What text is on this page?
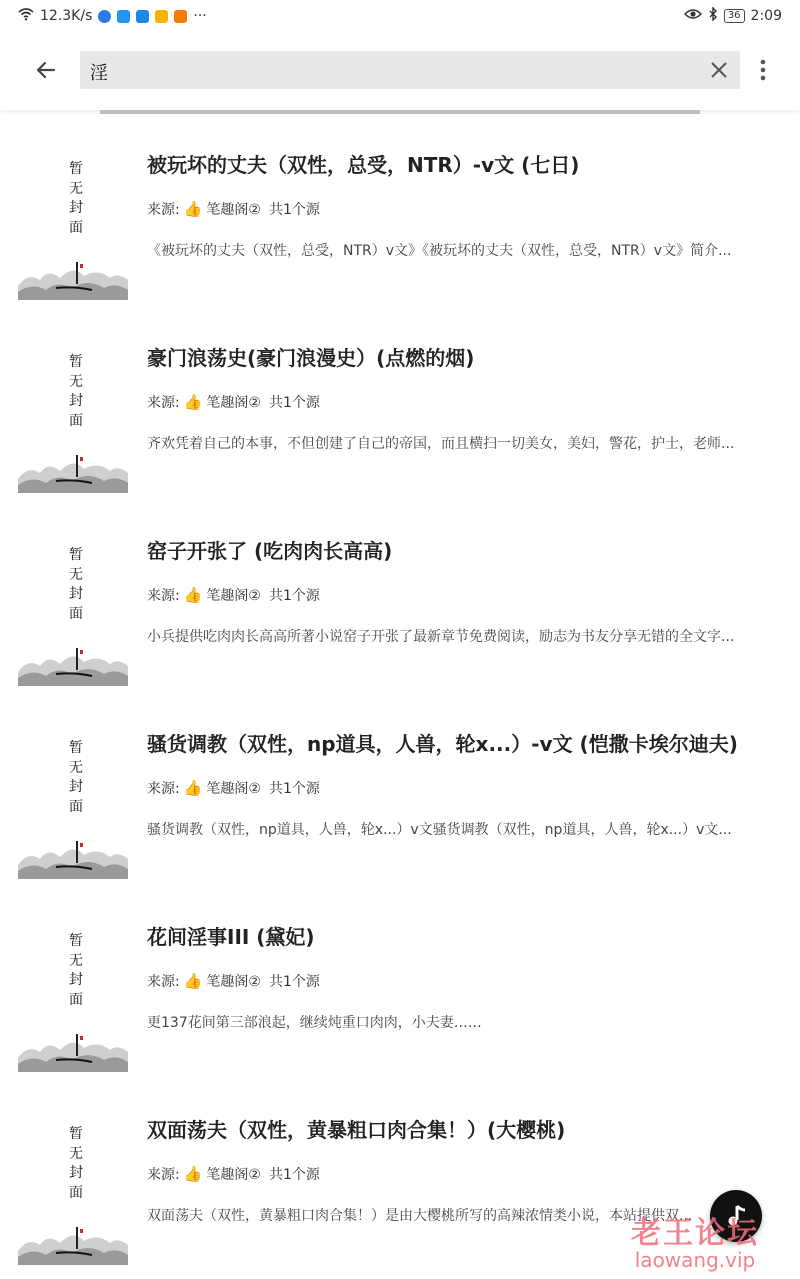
12.3K/s	···	36 2:09
淫
暂
无
封
面
被玩坏的丈夫（双性，总受，NTR）-v文 (七日)
来源: 👍 笔趣阁② 共1个源
《被玩坏的丈夫（双性，总受，NTR）v文》《被玩坏的丈夫（双性，总受，NTR）v文》简介...
暂
无
封
面
豪门浪荡史(豪门浪漫史）(点燃的烟)
来源: 👍 笔趣阁② 共1个源
齐欢凭着自己的本事，不但创建了自己的帝国，而且横扫一切美女，美妇，警花，护士，老师...
暂
无
封
面
窑子开张了 (吃肉肉长高高)
来源: 👍 笔趣阁② 共1个源
小兵提供吃肉肉长高高所著小说窑子开张了最新章节免费阅读，励志为书友分享无错的全文字...
暂
无
封
面
骚货调教（双性，np道具，人兽，轮x...）-v文 (恺撒卡埃尔迪夫)
来源: 👍 笔趣阁② 共1个源
骚货调教（双性，np道具，人兽，轮x...）v文骚货调教（双性，np道具，人兽，轮x...）v文...
暂
无
封
面
花间淫事III (黛妃)
来源: 👍 笔趣阁② 共1个源
更137花间第三部浪起，继续炖重口肉肉，小夫妻……
暂
无
封
面
双面荡夫（双性，黄暴粗口肉合集！）(大樱桃)
来源: 👍 笔趣阁② 共1个源
双面荡夫（双性，黄暴粗口肉合集！）是由大樱桃所写的高辣浓情类小说，本站提供双...
老王论坛
laowang.vip
